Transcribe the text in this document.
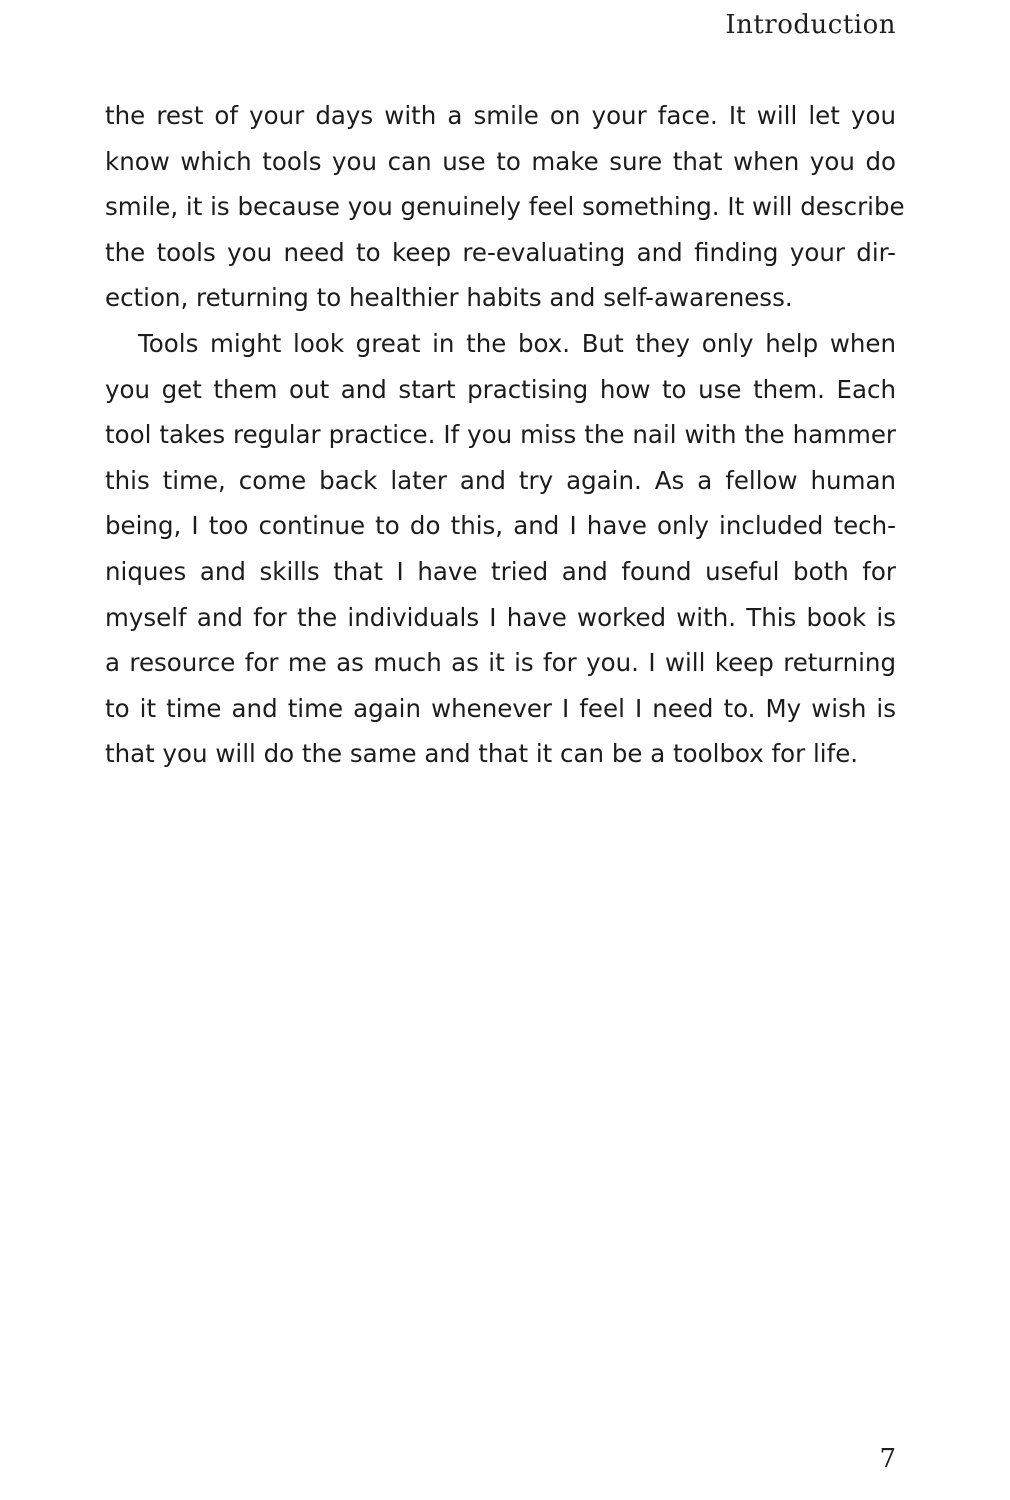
Introduction
the rest of your days with a smile on your face. It will let you
know which tools you can use to make sure that when you do
smile, it is because you genuinely feel something. It will describe
the tools you need to keep re-evaluating and finding your dir-
ection, returning to healthier habits and self-awareness.
Tools might look great in the box. But they only help when
you get them out and start practising how to use them. Each
tool takes regular practice. If you miss the nail with the hammer
this time, come back later and try again. As a fellow human
being, I too continue to do this, and I have only included tech-
niques and skills that I have tried and found useful both for
myself and for the individuals I have worked with. This book is
a resource for me as much as it is for you. I will keep returning
to it time and time again whenever I feel I need to. My wish is
that you will do the same and that it can be a toolbox for life.
7
